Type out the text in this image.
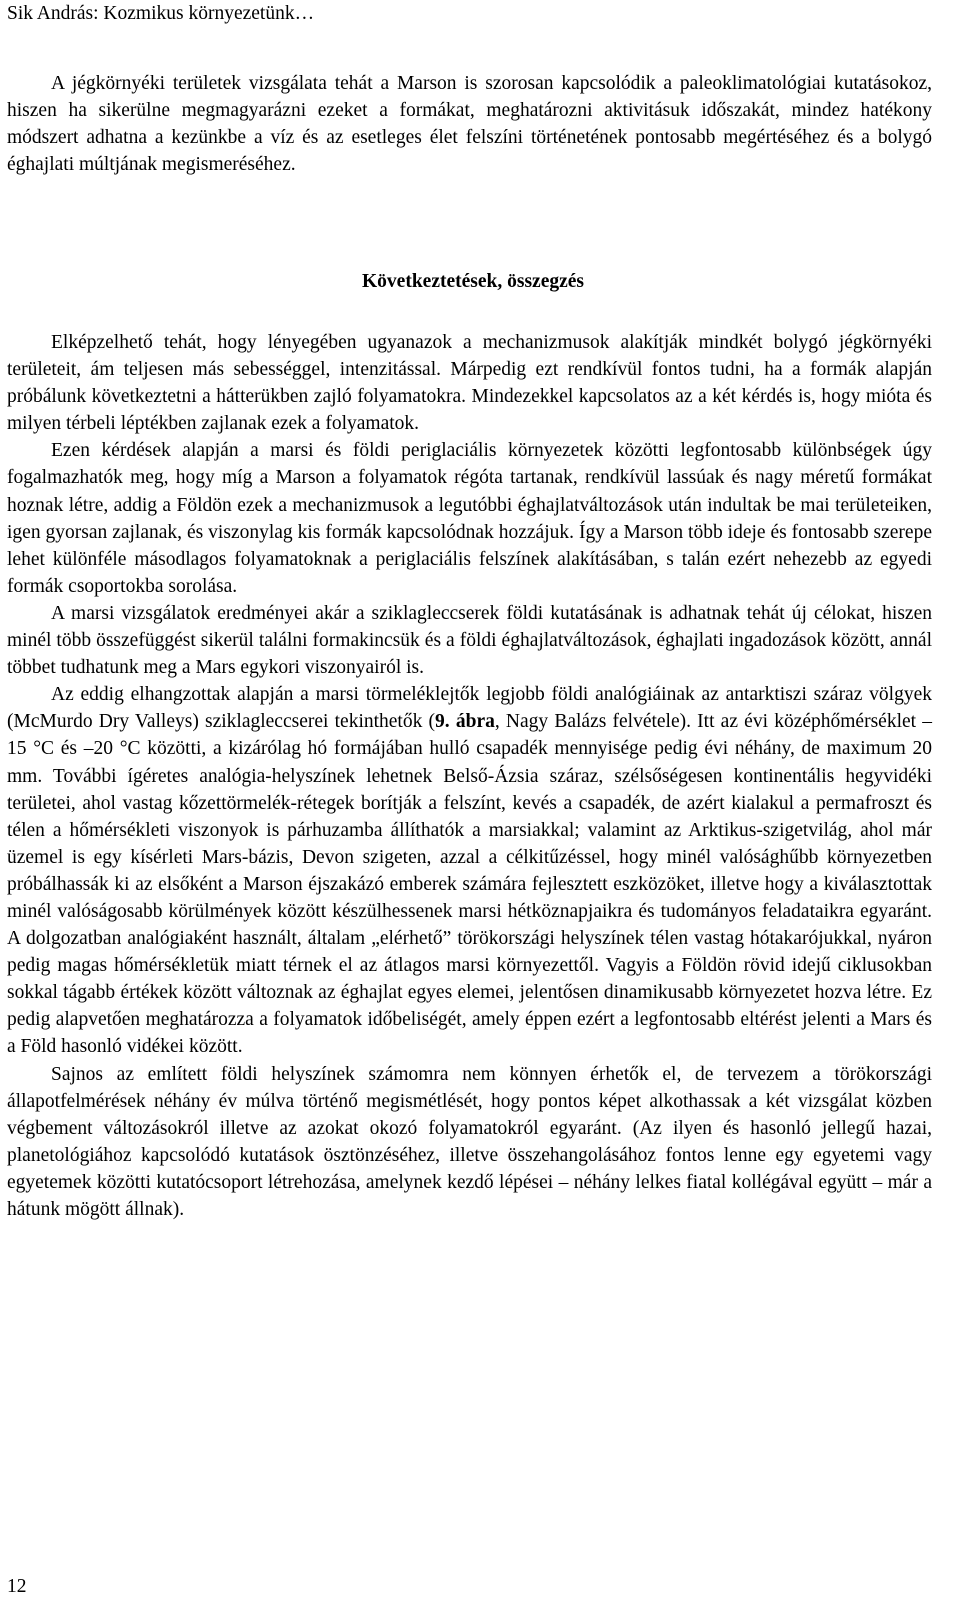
Sik András: Kozmikus környezetünk…

A jégkörnyéki területek vizsgálata tehát a Marson is szorosan kapcsolódik a paleoklimatológiai kutatásokoz, hiszen ha sikerülne megmagyarázni ezeket a formákat, meghatározni aktivitásuk időszakát, mindez hatékony módszert adhatna a kezünkbe a víz és az esetleges élet felszíni történetének pontosabb megértéséhez és a bolygó éghajlati múltjának megismeréséhez.

Következtetések, összegzés

Elképzelhető tehát, hogy lényegében ugyanazok a mechanizmusok alakítják mindkét bolygó jégkörnyéki területeit, ám teljesen más sebességgel, intenzitással. Márpedig ezt rendkívül fontos tudni, ha a formák alapján próbálunk következtetni a hátterükben zajló folyamatokra. Mindezekkel kapcsolatos az a két kérdés is, hogy mióta és milyen térbeli léptékben zajlanak ezek a folyamatok.

Ezen kérdések alapján a marsi és földi periglaciális környezetek közötti legfontosabb különbségek úgy fogalmazhatók meg, hogy míg a Marson a folyamatok régóta tartanak, rendkívül lassúak és nagy méretű formákat hoznak létre, addig a Földön ezek a mechanizmusok a legutóbbi éghajlatváltozások után indultak be mai területeiken, igen gyorsan zajlanak, és viszonylag kis formák kapcsolódnak hozzájuk. Így a Marson több ideje és fontosabb szerepe lehet különféle másodlagos folyamatoknak a periglaciális felszínek alakításában, s talán ezért nehezebb az egyedi formák csoportokba sorolása.

A marsi vizsgálatok eredményei akár a sziklagleccserek földi kutatásának is adhatnak tehát új célokat, hiszen minél több összefüggést sikerül találni formakincsük és a földi éghajlatváltozások, éghajlati ingadozások között, annál többet tudhatunk meg a Mars egykori viszonyairól is.

Az eddig elhangzottak alapján a marsi törmeléklejtők legjobb földi analógiáinak az antarktiszi száraz völgyek (McMurdo Dry Valleys) sziklagleccserei tekinthetők (9. ábra, Nagy Balázs felvétele). Itt az évi középhőmérséklet –15 °C és –20 °C közötti, a kizárólag hó formájában hulló csapadék mennyisége pedig évi néhány, de maximum 20 mm. További ígéretes analógia-helyszínek lehetnek Belső-Ázsia száraz, szélsőségesen kontinentális hegyvidéki területei, ahol vastag kőzettörmelék-rétegek borítják a felszínt, kevés a csapadék, de azért kialakul a permafroszt és télen a hőmérsékleti viszonyok is párhuzamba állíthatók a marsiakkal; valamint az Arktikus-szigetvilág, ahol már üzemel is egy kísérleti Mars-bázis, Devon szigeten, azzal a célkitűzéssel, hogy minél valósághűbb környezetben próbálhassák ki az elsőként a Marson éjszakázó emberek számára fejlesztett eszközöket, illetve hogy a kiválasztottak minél valóságosabb körülmények között készülhessenek marsi hétköznapjaikra és tudományos feladataikra egyaránt. A dolgozatban analógiaként használt, általam „elérhető” törökországi helyszínek télen vastag hótakarójukkal, nyáron pedig magas hőmérsékletük miatt térnek el az átlagos marsi környezettől. Vagyis a Földön rövid idejű ciklusokban sokkal tágabb értékek között változnak az éghajlat egyes elemei, jelentősen dinamikusabb környezetet hozva létre. Ez pedig alapvetően meghatározza a folyamatok időbeliségét, amely éppen ezért a legfontosabb eltérést jelenti a Mars és a Föld hasonló vidékei között.

Sajnos az említett földi helyszínek számomra nem könnyen érhetők el, de tervezem a törökországi állapotfelmérések néhány év múlva történő megismétlését, hogy pontos képet alkothassak a két vizsgálat közben végbement változásokról illetve az azokat okozó folyamatokról egyaránt. (Az ilyen és hasonló jellegű hazai, planetológiához kapcsolódó kutatások ösztönzéséhez, illetve összehangolásához fontos lenne egy egyetemi vagy egyetemek közötti kutatócsoport létrehozása, amelynek kezdő lépései – néhány lelkes fiatal kollégával együtt – már a hátunk mögött állnak).

12
